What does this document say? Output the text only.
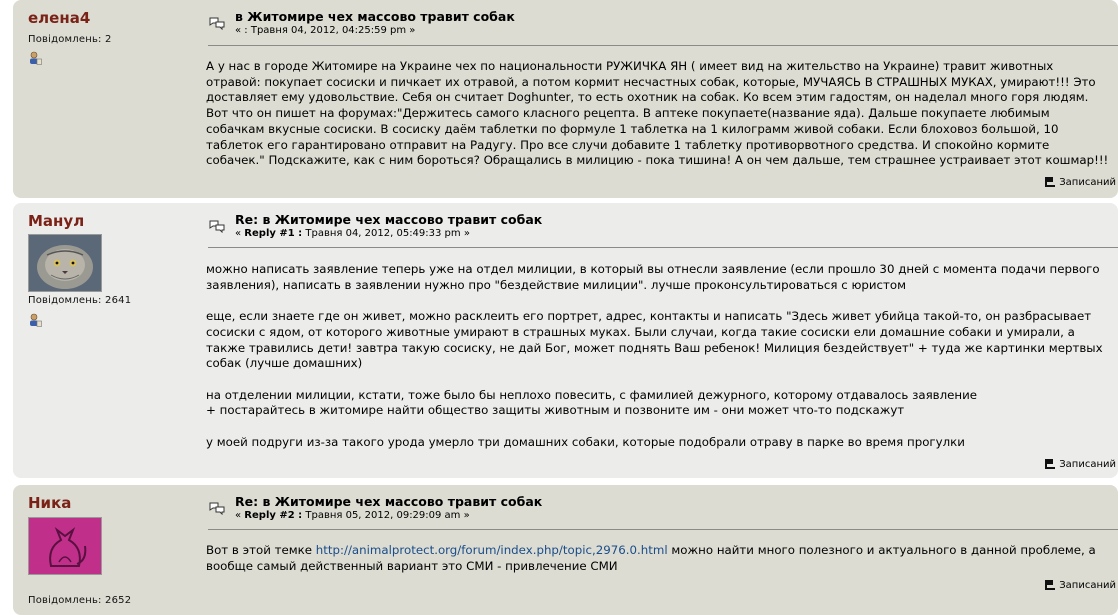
елена4
Повідомлень: 2
в Житомире чех массово травит собак
« : Травня 04, 2012, 04:25:59 pm »

А у нас в городе Житомире на Украине чех по национальности РУЖИЧКА ЯН ( имеет вид на жительство на Украине) травит животных отравой: покупает сосиски и пичкает их отравой, а потом кормит несчастных собак, которые, МУЧАЯСЬ В СТРАШНЫХ МУКАХ, умирают!!! Это доставляет ему удовольствие. Себя он считает Doghunter, то есть охотник на собак. Ко всем этим гадостям, он наделал много горя людям. Вот что он пишет на форумах:"Держитесь самого класного рецепта. В аптеке покупаете(название яда). Дальше покупаете любимым собачкам вкусные сосиски. В сосиску даём таблетки по формуле 1 таблетка на 1 килограмм живой собаки. Если блоховоз большой, 10 таблеток его гарантировано отправит на Радугу. Про все случи добавите 1 таблетку противорвотного средства. И спокойно кормите собачек." Подскажите, как с ним бороться? Обращались в милицию - пока тишина! А он чем дальше, тем страшнее устраивает этот кошмар!!!

Записаний
Манул
Повідомлень: 2641
Re: в Житомире чех массово травит собак
« Reply #1 : Травня 04, 2012, 05:49:33 pm »

можно написать заявление теперь уже на отдел милиции, в который вы отнесли заявление (если прошло 30 дней с момента подачи первого заявления), написать в заявлении нужно про "бездействие милиции". лучше проконсультироваться с юристом

еще, если знаете где он живет, можно расклеить его портрет, адрес, контакты и написать "Здесь живет убийца такой-то, он разбрасывает сосиски с ядом, от которого животные умирают в страшных муках. Были случаи, когда такие сосиски ели домашние собаки и умирали, а также травились дети! завтра такую сосиску, не дай Бог, может поднять Ваш ребенок! Милиция бездействует" + туда же картинки мертвых собак (лучше домашних)

на отделении милиции, кстати, тоже было бы неплохо повесить, с фамилией дежурного, которому отдавалось заявление
+ постарайтесь в житомире найти общество защиты животным и позвоните им - они может что-то подскажут

у моей подруги из-за такого урода умерло три домашних собаки, которые подобрали отраву в парке во время прогулки

Записаний
Ника
Повідомлень: 2652
Re: в Житомире чех массово травит собак
« Reply #2 : Травня 05, 2012, 09:29:09 am »

Вот в этой темке http://animalprotect.org/forum/index.php/topic,2976.0.html можно найти много полезного и актуального в данной проблеме, а вообще самый действенный вариант это СМИ - привлечение СМИ

Записаний
